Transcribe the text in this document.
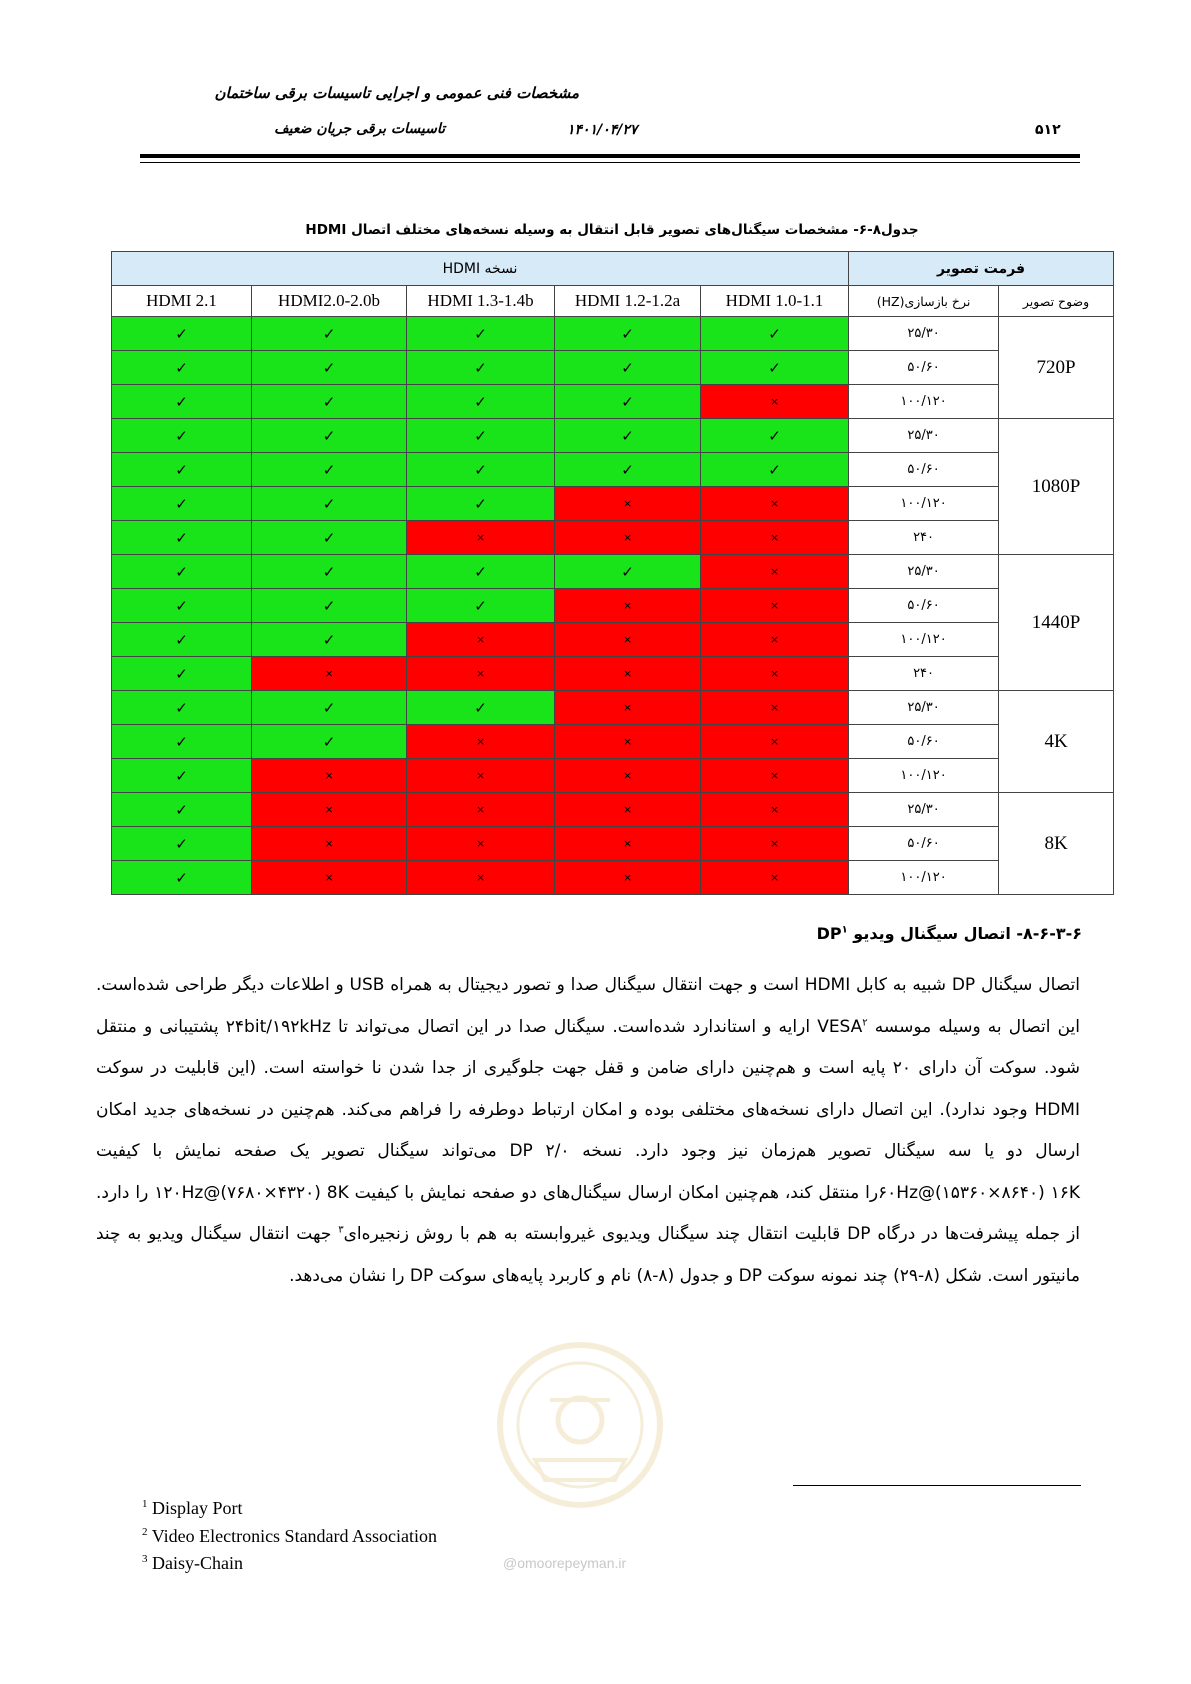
مشخصات فنی عمومی و اجرایی تاسیسات برقی ساختمان
تاسیسات برقی جریان ضعیف	۱۴۰۱/۰۴/۲۷	۵۱۲
جدول۸-۶- مشخصات سیگنال‌های تصویر قابل انتقال به وسیله نسخه‌های مختلف اتصال HDMI
فرمت تصویر		نسخه HDMI				
وضوح تصویر	نرخ بازسازی(HZ)	HDMI 1.0-1.1	HDMI 1.2-1.2a	HDMI 1.3-1.4b	HDMI2.0-2.0b	HDMI 2.1
720P	۲۵/۳۰	✓	✓	✓	✓	✓
	۵۰/۶۰	✓	✓	✓	✓	✓
	۱۰۰/۱۲۰	×	✓	✓	✓	✓
1080P	۲۵/۳۰	✓	✓	✓	✓	✓
	۵۰/۶۰	✓	✓	✓	✓	✓
	۱۰۰/۱۲۰	×	×	✓	✓	✓
	۲۴۰	×	×	×	✓	✓
1440P	۲۵/۳۰	×	✓	✓	✓	✓
	۵۰/۶۰	×	×	✓	✓	✓
	۱۰۰/۱۲۰	×	×	×	✓	✓
	۲۴۰	×	×	×	×	✓
4K	۲۵/۳۰	×	×	✓	✓	✓
	۵۰/۶۰	×	×	×	✓	✓
	۱۰۰/۱۲۰	×	×	×	×	✓
8K	۲۵/۳۰	×	×	×	×	✓
	۵۰/۶۰	×	×	×	×	✓
	۱۰۰/۱۲۰	×	×	×	×	✓
۸-۶-۳-۶- اتصال سیگنال ویدیو $DP^۱$
اتصال سیگنال DP شبیه به کابل HDMI است و جهت انتقال سیگنال صدا و تصور دیجیتال به همراه USB و اطلاعات دیگر طراحی شده‌است. این اتصال به وسیله موسسه VESA$^۲$ ارایه و استاندارد شده‌است. سیگنال صدا در این اتصال می‌تواند تا ۲۴bit/۱۹۲kHz پشتیبانی و منتقل شود. سوکت آن دارای ۲۰ پایه است و هم‌چنین دارای ضامن و قفل جهت جلوگیری از جدا شدن نا خواسته است. (این قابلیت در سوکت HDMI وجود ندارد). این اتصال دارای نسخه‌های مختلفی بوده و امکان ارتباط دوطرفه را فراهم می‌کند. هم‌چنین در نسخه‌های جدید امکان ارسال دو یا سه سیگنال تصویر هم‌زمان نیز وجود دارد. نسخه ۲/۰ DP می‌تواند سیگنال تصویر یک صفحه نمایش با کیفیت ۶۰Hz@(۱۵۳۶۰×۸۶۴۰) ۱۶K‌را منتقل کند، هم‌چنین امکان ارسال سیگنال‌های دو صفحه نمایش با کیفیت ۱۲۰Hz@(۷۶۸۰×۴۳۲۰) 8K را دارد. از جمله پیشرفت‌ها در درگاه DP قابلیت انتقال چند سیگنال ویدیوی غیروابسته به هم با روش زنجیره‌ای$^۳$ جهت انتقال سیگنال ویدیو به چند مانیتور است. شکل (۸-۲۹) چند نمونه سوکت DP و جدول (۸-۸) نام و کاربرد پایه‌های سوکت DP را نشان می‌دهد.
$^1$ Display Port
$^2$ Video Electronics Standard Association
$^3$ Daisy-Chain	@omoorepeyman.ir
